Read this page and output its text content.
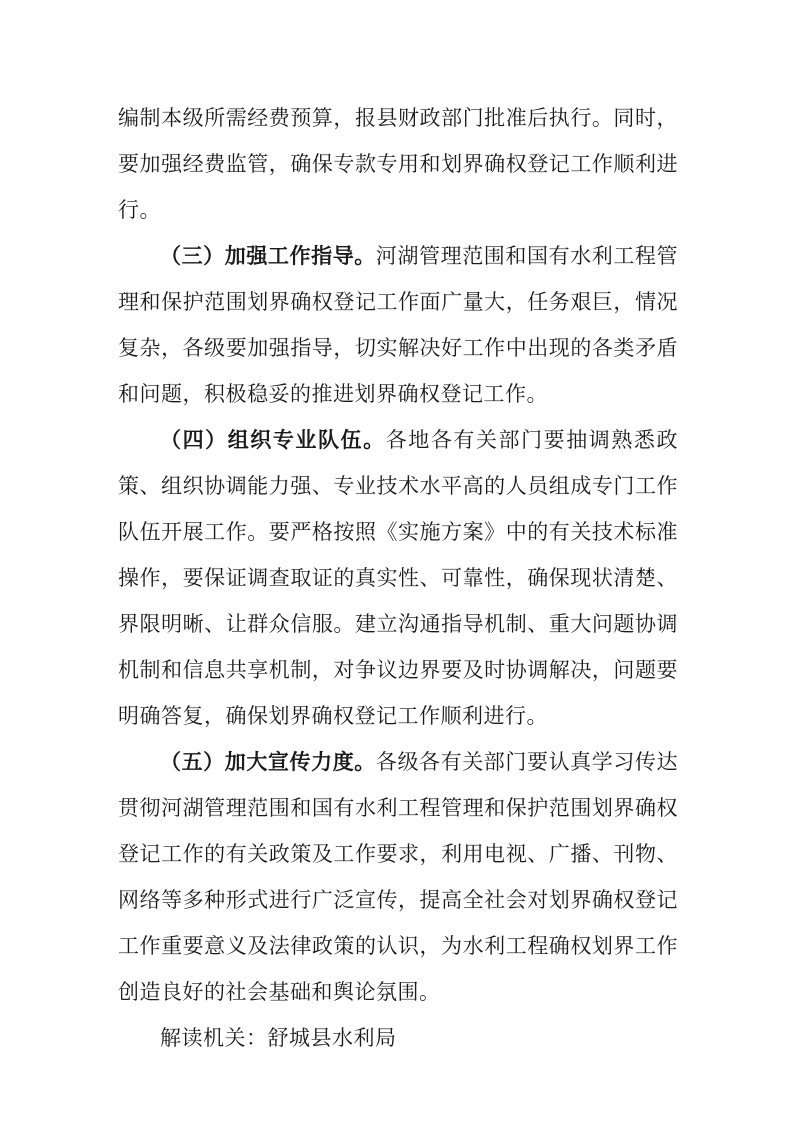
编制本级所需经费预算，报县财政部门批准后执行。同时，要加强经费监管，确保专款专用和划界确权登记工作顺利进行。

（三）加强工作指导。河湖管理范围和国有水利工程管理和保护范围划界确权登记工作面广量大，任务艰巨，情况复杂，各级要加强指导，切实解决好工作中出现的各类矛盾和问题，积极稳妥的推进划界确权登记工作。

（四）组织专业队伍。各地各有关部门要抽调熟悉政策、组织协调能力强、专业技术水平高的人员组成专门工作队伍开展工作。要严格按照《实施方案》中的有关技术标准操作，要保证调查取证的真实性、可靠性，确保现状清楚、界限明晰、让群众信服。建立沟通指导机制、重大问题协调机制和信息共享机制，对争议边界要及时协调解决，问题要明确答复，确保划界确权登记工作顺利进行。

（五）加大宣传力度。各级各有关部门要认真学习传达贯彻河湖管理范围和国有水利工程管理和保护范围划界确权登记工作的有关政策及工作要求，利用电视、广播、刊物、网络等多种形式进行广泛宣传，提高全社会对划界确权登记工作重要意义及法律政策的认识，为水利工程确权划界工作创造良好的社会基础和舆论氛围。

解读机关：舒城县水利局
